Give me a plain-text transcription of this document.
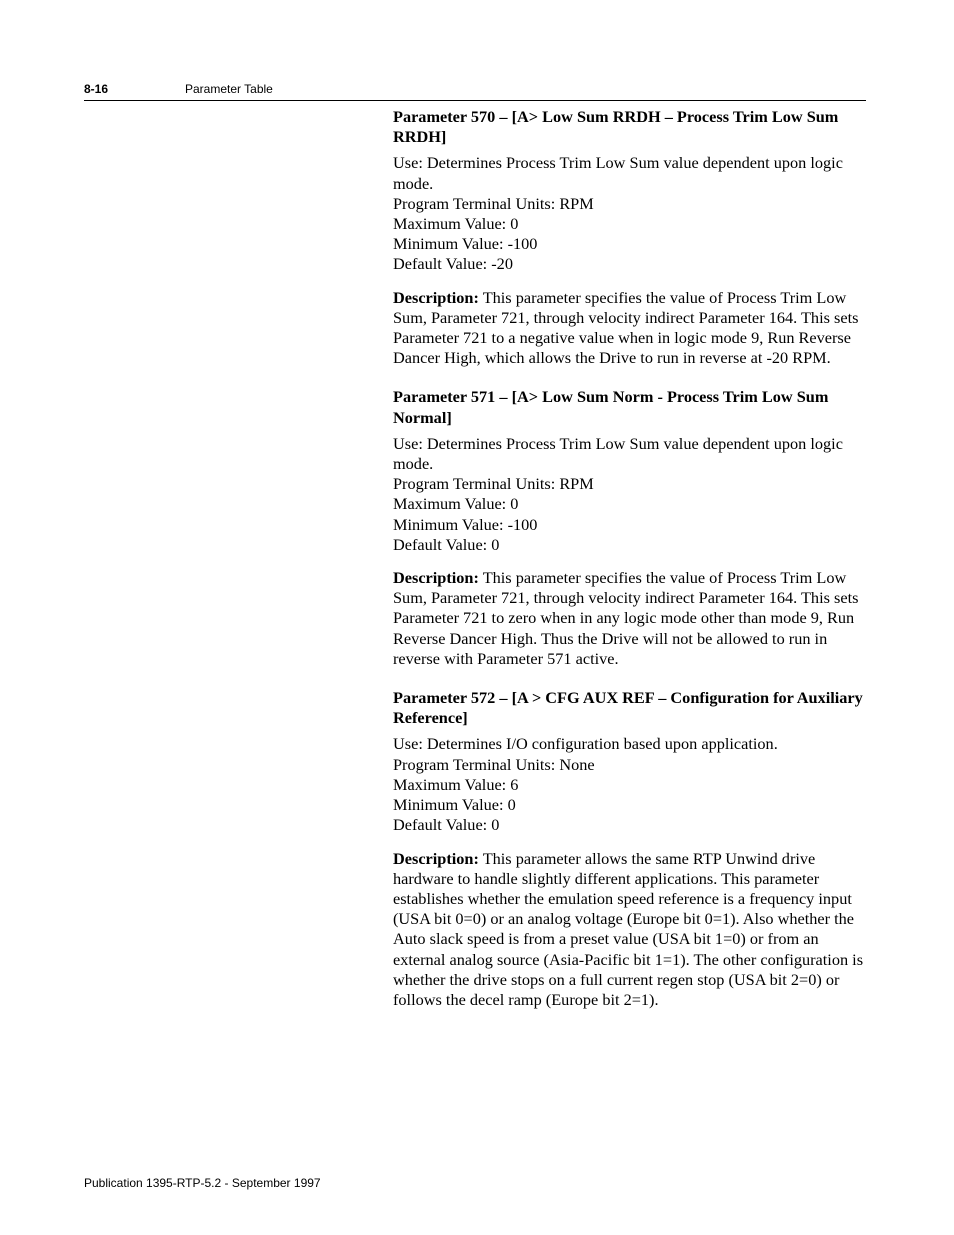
8-16	Parameter Table

Parameter 570 – [A> Low Sum RRDH – Process Trim Low Sum RRDH]

Use: Determines Process Trim Low Sum value dependent upon logic mode.

Program Terminal Units: RPM

Maximum Value: 0

Minimum Value: -100

Default Value: -20

Description: This parameter specifies the value of Process Trim Low Sum, Parameter 721, through velocity indirect Parameter 164. This sets Parameter 721 to a negative value when in logic mode 9, Run Reverse Dancer High, which allows the Drive to run in reverse at -20 RPM.

Parameter 571 – [A> Low Sum Norm - Process Trim Low Sum Normal]

Use: Determines Process Trim Low Sum value dependent upon logic mode.

Program Terminal Units: RPM

Maximum Value: 0

Minimum Value: -100

Default Value: 0

Description: This parameter specifies the value of Process Trim Low Sum, Parameter 721, through velocity indirect Parameter 164. This sets Parameter 721 to zero when in any logic mode other than mode 9, Run Reverse Dancer High. Thus the Drive will not be allowed to run in reverse with Parameter 571 active.

Parameter 572 – [A > CFG AUX REF – Configuration for Auxiliary Reference]

Use: Determines I/O configuration based upon application.

Program Terminal Units: None

Maximum Value: 6

Minimum Value: 0

Default Value: 0

Description: This parameter allows the same RTP Unwind drive hardware to handle slightly different applications. This parameter establishes whether the emulation speed reference is a frequency input (USA bit 0=0) or an analog voltage (Europe bit 0=1). Also whether the Auto slack speed is from a preset value (USA bit 1=0) or from an external analog source (Asia-Pacific bit 1=1). The other configuration is whether the drive stops on a full current regen stop (USA bit 2=0) or follows the decel ramp (Europe bit 2=1).

Publication 1395-RTP-5.2 - September 1997
